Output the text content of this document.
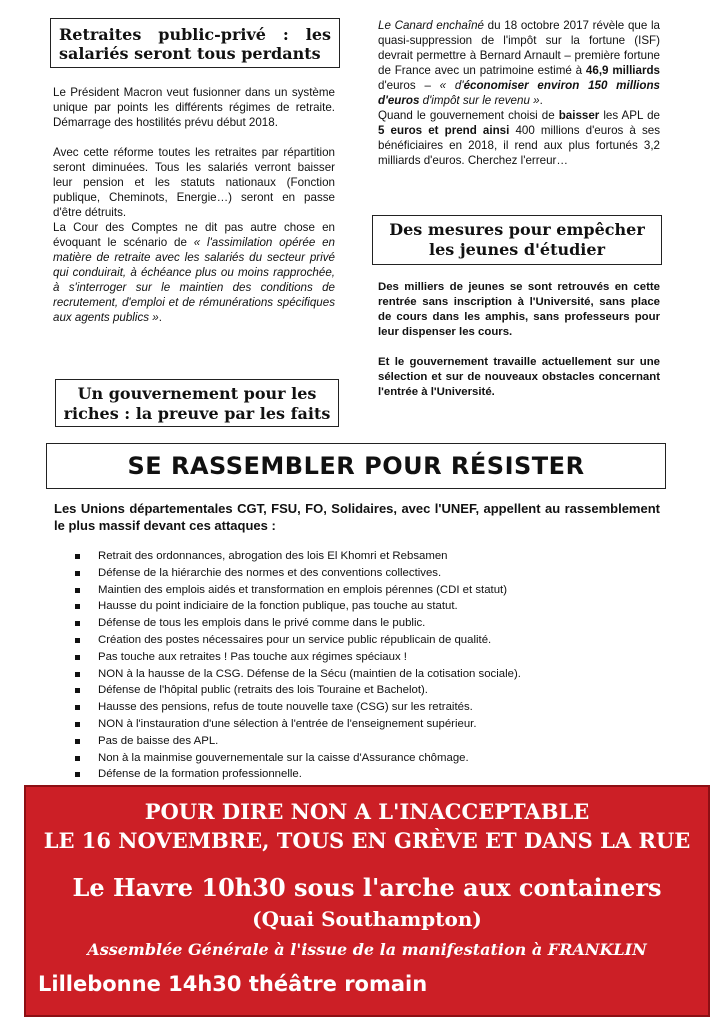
Retraites public-privé : les
salariés seront tous perdants

Le Président Macron veut fusionner dans un système unique par points les différents régimes de retraite. Démarrage des hostilités prévu début 2018.

Avec cette réforme toutes les retraites par répartition seront diminuées. Tous les salariés verront baisser leur pension et les statuts nationaux (Fonction publique, Cheminots, Energie…) seront en passe d'être détruits.

La Cour des Comptes ne dit pas autre chose en évoquant le scénario de « l'assimilation opérée en matière de retraite avec les salariés du secteur privé qui conduirait, à échéance plus ou moins rapprochée, à s'interroger sur le maintien des conditions de recrutement, d'emploi et de rémunérations spécifiques aux agents publics ».

Un gouvernement pour les
riches : la preuve par les faits

Le Canard enchaîné du 18 octobre 2017 révèle que la quasi-suppression de l'impôt sur la fortune (ISF) devrait permettre à Bernard Arnault – première fortune de France avec un patrimoine estimé à 46,9 milliards d'euros – « d'économiser environ 150 millions d'euros d'impôt sur le revenu ».

Quand le gouvernement choisi de baisser les APL de 5 euros et prend ainsi 400 millions d'euros à ses bénéficiaires en 2018, il rend aux plus fortunés 3,2 milliards d'euros. Cherchez l'erreur…

Des mesures pour empêcher
les jeunes d'étudier

Des milliers de jeunes se sont retrouvés en cette rentrée sans inscription à l'Université, sans place de cours dans les amphis, sans professeurs pour leur dispenser les cours.

Et le gouvernement travaille actuellement sur une sélection et sur de nouveaux obstacles concernant l'entrée à l'Université.

SE RASSEMBLER POUR RÉSISTER

Les Unions départementales CGT, FSU, FO, Solidaires, avec l'UNEF, appellent au rassemblement le plus massif devant ces attaques :

Retrait des ordonnances, abrogation des lois El Khomri et Rebsamen
Défense de la hiérarchie des normes et des conventions collectives.
Maintien des emplois aidés et transformation en emplois pérennes (CDI et statut)
Hausse du point indiciaire de la fonction publique, pas touche au statut.
Défense de tous les emplois dans le privé comme dans le public.
Création des postes nécessaires pour un service public républicain de qualité.
Pas touche aux retraites ! Pas touche aux régimes spéciaux !
NON à la hausse de la CSG. Défense de la Sécu (maintien de la cotisation sociale).
Défense de l'hôpital public (retraits des lois Touraine et Bachelot).
Hausse des pensions, refus de toute nouvelle taxe (CSG) sur les retraités.
NON à l'instauration d'une sélection à l'entrée de l'enseignement supérieur.
Pas de baisse des APL.
Non à la mainmise gouvernementale sur la caisse d'Assurance chômage.
Défense de la formation professionnelle.
POUR DIRE NON A L'INACCEPTABLE
LE 16 NOVEMBRE, TOUS EN GRÈVE ET DANS LA RUE
Le Havre 10h30 sous l'arche aux containers
(Quai Southampton)
Assemblée Générale à l'issue de la manifestation à FRANKLIN
Lillebonne 14h30 théâtre romain
